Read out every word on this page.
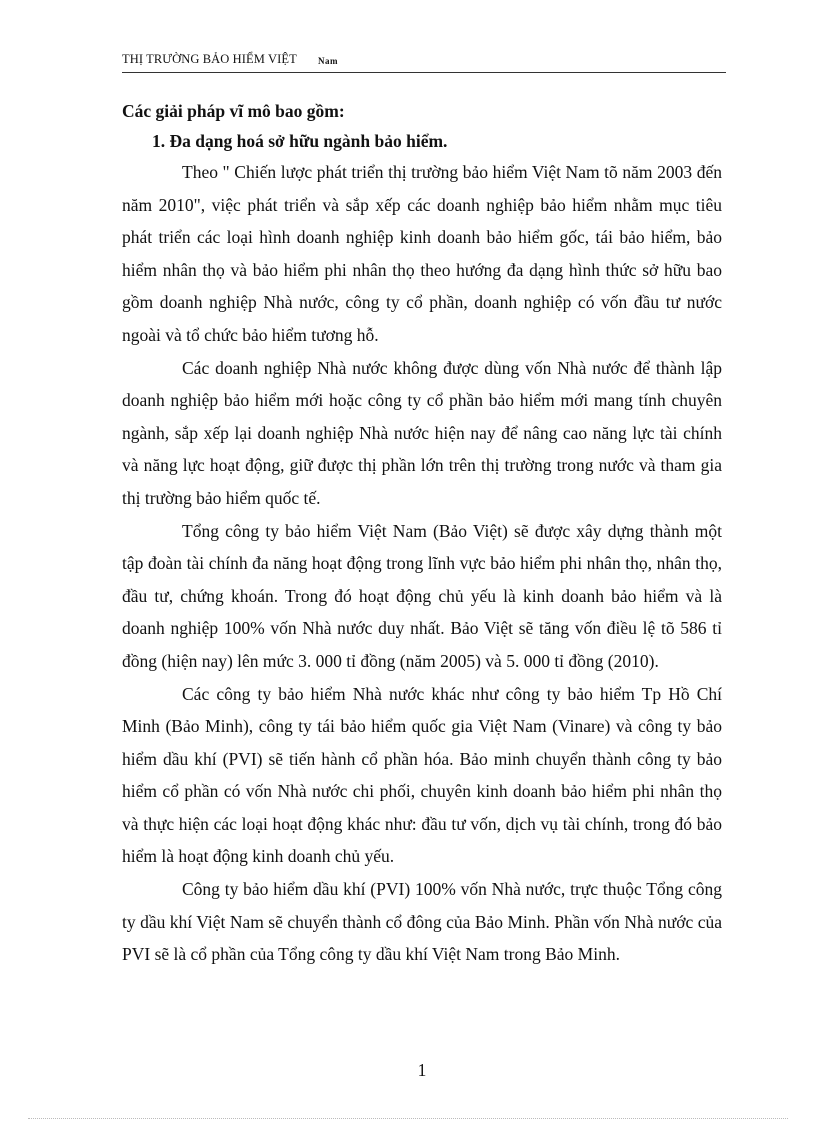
THỊ TRƯỜNG BẢO HIỂM VIỆT Nam
Các giải pháp vĩ mô bao gồm:
1. Đa dạng hoá sở hữu ngành bảo hiểm.

Theo " Chiến lược phát triển thị trường bảo hiểm Việt Nam tõ năm 2003 đến năm 2010", việc phát triển và sắp xếp các doanh nghiệp bảo hiểm nhằm mục tiêu phát triển các loại hình doanh nghiệp kinh doanh bảo hiểm gốc, tái bảo hiểm, bảo hiểm nhân thọ và bảo hiểm phi nhân thọ theo hướng đa dạng hình thức sở hữu bao gồm doanh nghiệp Nhà nước, công ty cổ phần, doanh nghiệp có vốn đầu tư nước ngoài và tổ chức bảo hiểm tương hỗ.

Các doanh nghiệp Nhà nước không được dùng vốn Nhà nước để thành lập doanh nghiệp bảo hiểm mới hoặc công ty cổ phần bảo hiểm mới mang tính chuyên ngành, sắp xếp lại doanh nghiệp Nhà nước hiện nay để nâng cao năng lực tài chính và năng lực hoạt động, giữ được thị phần lớn trên thị trường trong nước và tham gia thị trường bảo hiểm quốc tế.

Tổng công ty bảo hiểm Việt Nam (Bảo Việt) sẽ được xây dựng thành một tập đoàn tài chính đa năng hoạt động trong lĩnh vực bảo hiểm phi nhân thọ, nhân thọ, đầu tư, chứng khoán. Trong đó hoạt động chủ yếu là kinh doanh bảo hiểm và là doanh nghiệp 100% vốn Nhà nước duy nhất. Bảo Việt sẽ tăng vốn điều lệ tõ 586 tỉ đồng (hiện nay) lên mức 3. 000 tỉ đồng (năm 2005) và 5. 000 tỉ đồng (2010).

Các công ty bảo hiểm Nhà nước khác như công ty bảo hiểm Tp Hồ Chí Minh (Bảo Minh), công ty tái bảo hiểm quốc gia Việt Nam (Vinare) và công ty bảo hiểm dầu khí (PVI) sẽ tiến hành cổ phần hóa. Bảo minh chuyển thành công ty bảo hiểm cổ phần có vốn Nhà nước chi phối, chuyên kinh doanh bảo hiểm phi nhân thọ và thực hiện các loại hoạt động khác như: đầu tư vốn, dịch vụ tài chính, trong đó bảo hiểm là hoạt động kinh doanh chủ yếu.

Công ty bảo hiểm dầu khí (PVI) 100% vốn Nhà nước, trực thuộc Tổng công ty dầu khí Việt Nam sẽ chuyển thành cổ đông của Bảo Minh. Phần vốn Nhà nước của PVI sẽ là cổ phần của Tổng công ty dầu khí Việt Nam trong Bảo Minh.

1
